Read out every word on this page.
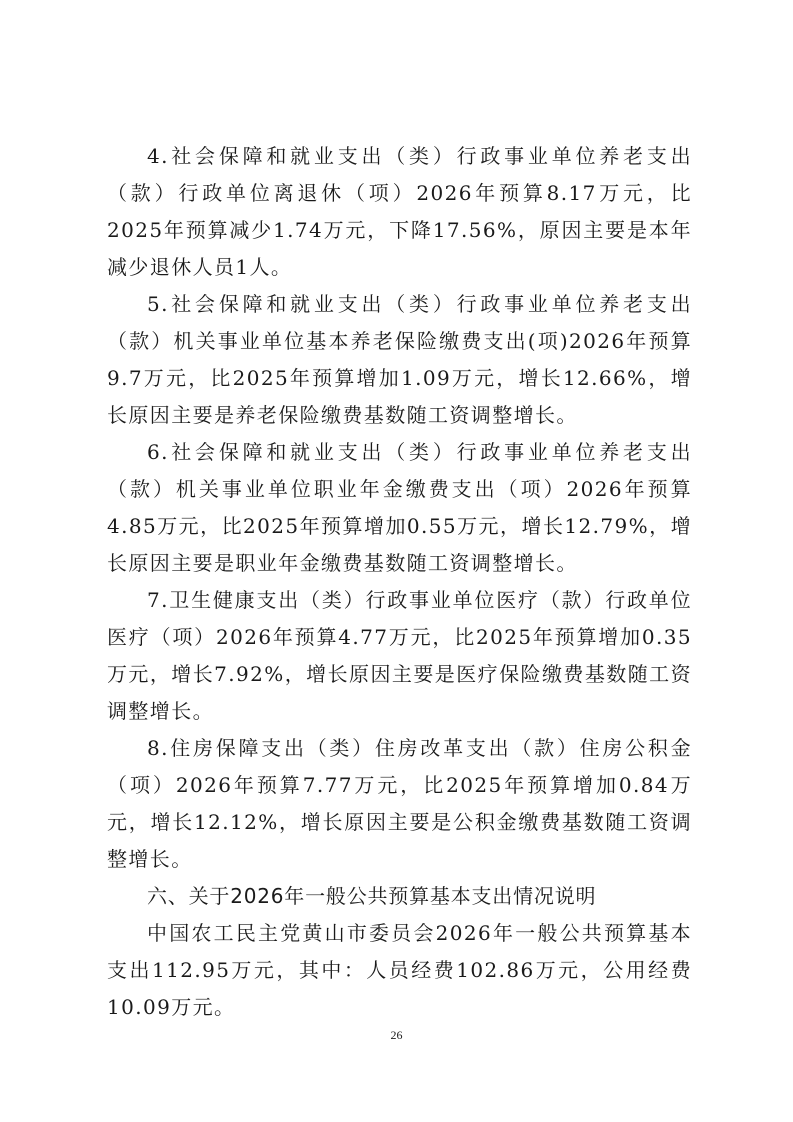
4.社会保障和就业支出（类）行政事业单位养老支出（款）行政单位离退休（项）2026年预算8.17万元，比2025年预算减少1.74万元，下降17.56%，原因主要是本年减少退休人员1人。

5.社会保障和就业支出（类）行政事业单位养老支出（款）机关事业单位基本养老保险缴费支出(项)2026年预算9.7万元，比2025年预算增加1.09万元，增长12.66%，增长原因主要是养老保险缴费基数随工资调整增长。

6.社会保障和就业支出（类）行政事业单位养老支出（款）机关事业单位职业年金缴费支出（项）2026年预算4.85万元，比2025年预算增加0.55万元，增长12.79%，增长原因主要是职业年金缴费基数随工资调整增长。

7.卫生健康支出（类）行政事业单位医疗（款）行政单位医疗（项）2026年预算4.77万元，比2025年预算增加0.35万元，增长7.92%，增长原因主要是医疗保险缴费基数随工资调整增长。

8.住房保障支出（类）住房改革支出（款）住房公积金（项）2026年预算7.77万元，比2025年预算增加0.84万元，增长12.12%，增长原因主要是公积金缴费基数随工资调整增长。

六、关于2026年一般公共预算基本支出情况说明

中国农工民主党黄山市委员会2026年一般公共预算基本支出112.95万元，其中：人员经费102.86万元，公用经费10.09万元。

26
